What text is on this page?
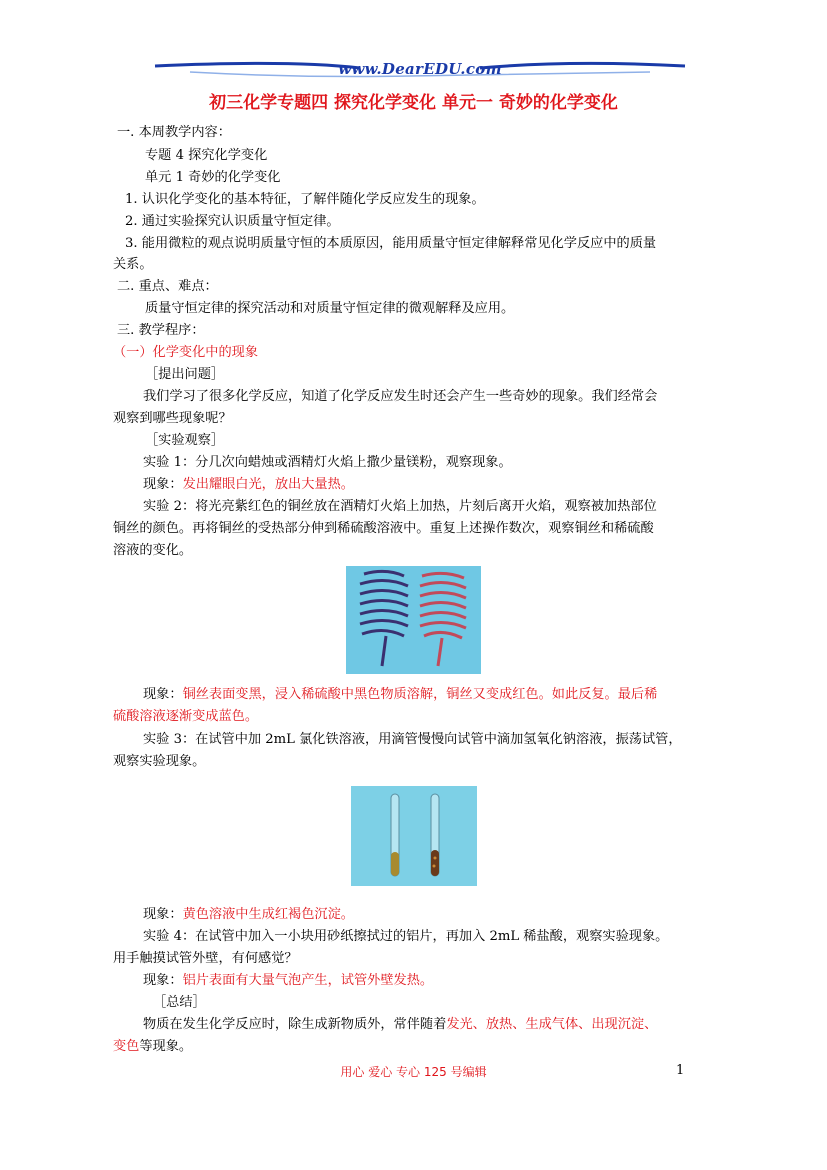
www.DearEDU.com
初三化学专题四 探究化学变化 单元一 奇妙的化学变化
一. 本周教学内容：
专题 4 探究化学变化
单元 1 奇妙的化学变化
1. 认识化学变化的基本特征，了解伴随化学反应发生的现象。
2. 通过实验探究认识质量守恒定律。
3. 能用微粒的观点说明质量守恒的本质原因，能用质量守恒定律解释常见化学反应中的质量
关系。
二. 重点、难点：
质量守恒定律的探究活动和对质量守恒定律的微观解释及应用。
三. 教学程序：
（一）化学变化中的现象
［提出问题］
我们学习了很多化学反应，知道了化学反应发生时还会产生一些奇妙的现象。我们经常会
观察到哪些现象呢？
［实验观察］
实验 1：分几次向蜡烛或酒精灯火焰上撒少量镁粉，观察现象。
现象：发出耀眼白光，放出大量热。
实验 2：将光亮紫红色的铜丝放在酒精灯火焰上加热，片刻后离开火焰，观察被加热部位
铜丝的颜色。再将铜丝的受热部分伸到稀硫酸溶液中。重复上述操作数次，观察铜丝和稀硫酸
溶液的变化。
现象：铜丝表面变黑，浸入稀硫酸中黑色物质溶解，铜丝又变成红色。如此反复。最后稀
硫酸溶液逐渐变成蓝色。
实验 3：在试管中加 2mL 氯化铁溶液，用滴管慢慢向试管中滴加氢氧化钠溶液，振荡试管，
观察实验现象。
现象：黄色溶液中生成红褐色沉淀。
实验 4：在试管中加入一小块用砂纸擦拭过的铝片，再加入 2mL 稀盐酸，观察实验现象。
用手触摸试管外壁，有何感觉？
现象：铝片表面有大量气泡产生，试管外壁发热。
［总结］
物质在发生化学反应时，除生成新物质外，常伴随着发光、放热、生成气体、出现沉淀、
变色等现象。
用心 爱心 专心 125 号编辑	1
